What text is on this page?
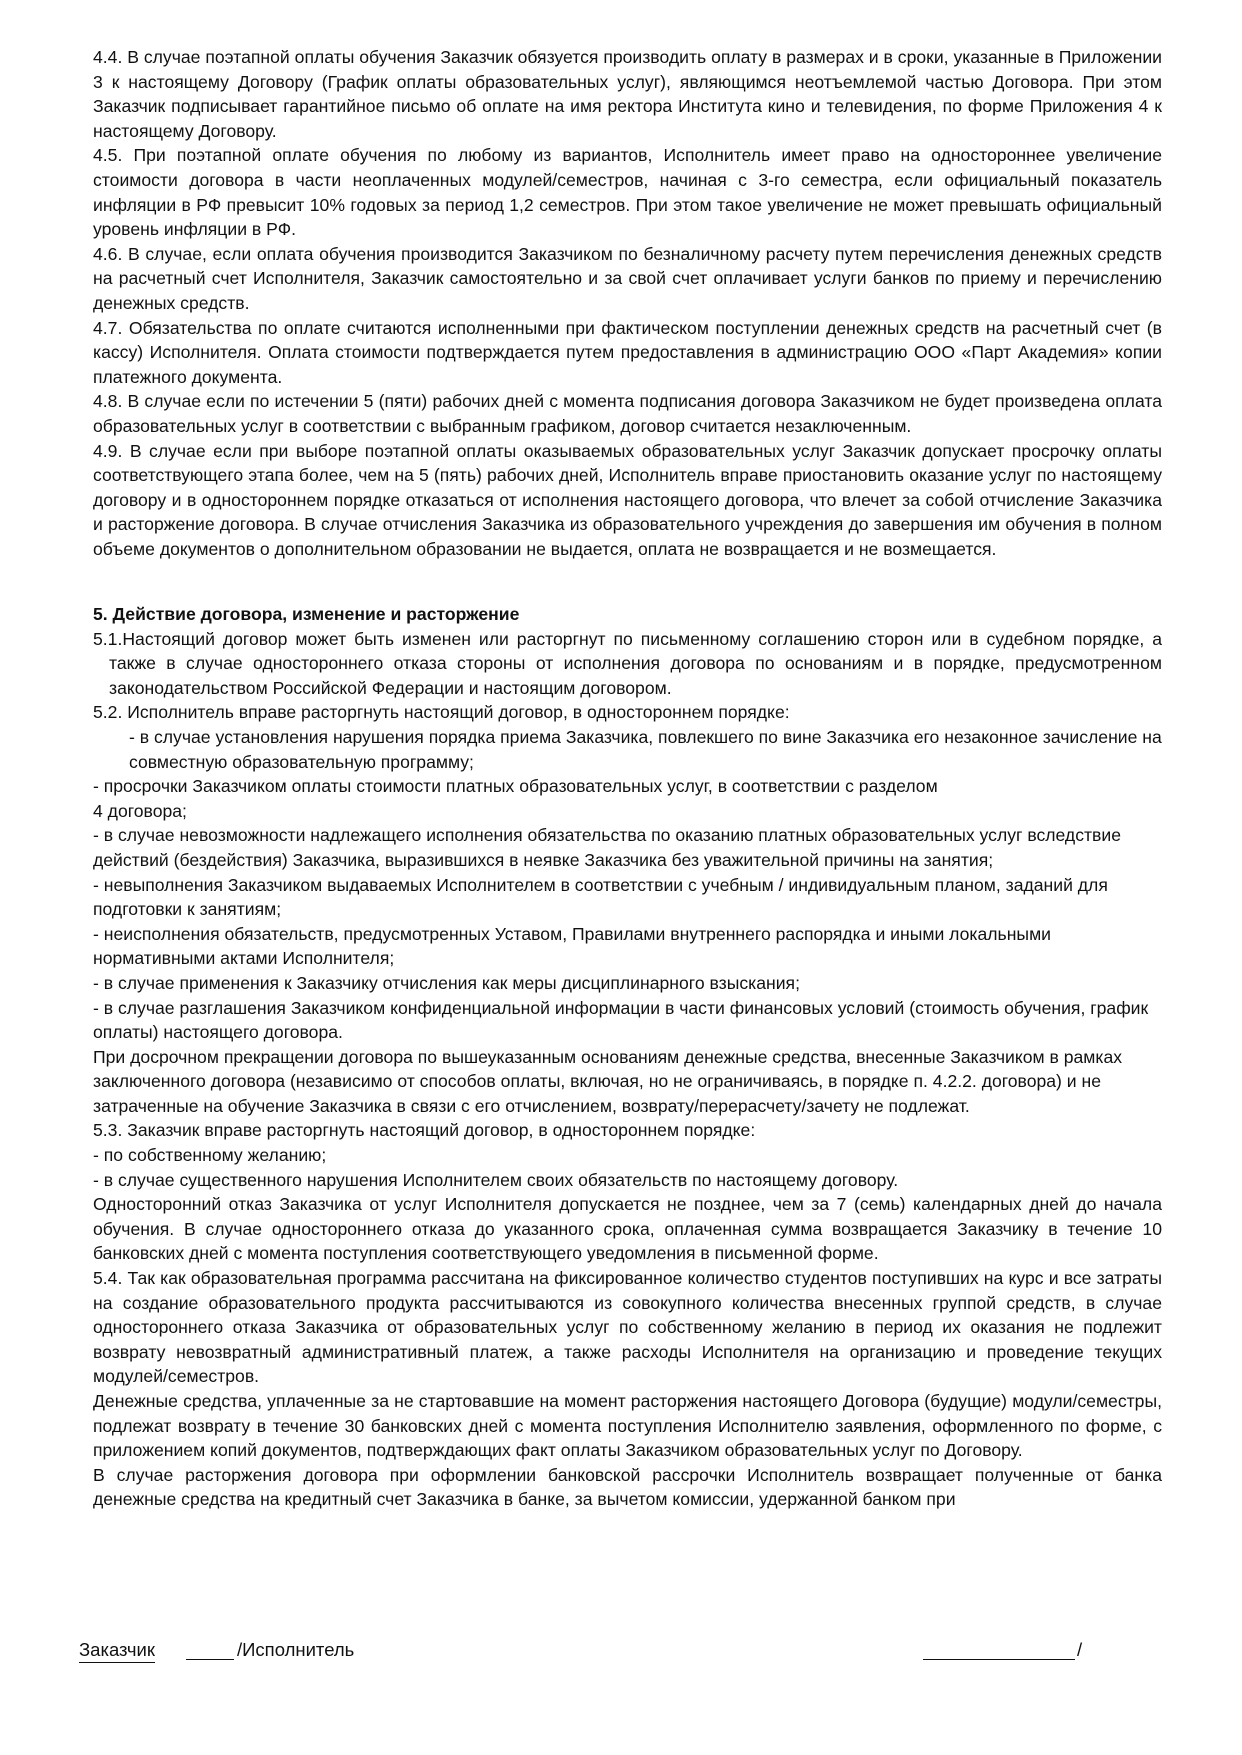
4.4. В случае поэтапной оплаты обучения Заказчик обязуется производить оплату в размерах и в сроки, указанные в Приложении 3 к настоящему Договору (График оплаты образовательных услуг), являющимся неотъемлемой частью Договора. При этом Заказчик подписывает гарантийное письмо об оплате на имя ректора Института кино и телевидения, по форме Приложения 4 к настоящему Договору.

4.5. При поэтапной оплате обучения по любому из вариантов, Исполнитель имеет право на одностороннее увеличение стоимости договора в части неоплаченных модулей/семестров, начиная с 3-го семестра, если официальный показатель инфляции в РФ превысит 10% годовых за период 1,2 семестров. При этом такое увеличение не может превышать официальный уровень инфляции в РФ.

4.6. В случае, если оплата обучения производится Заказчиком по безналичному расчету путем перечисления денежных средств на расчетный счет Исполнителя, Заказчик самостоятельно и за свой счет оплачивает услуги банков по приему и перечислению денежных средств.

4.7. Обязательства по оплате считаются исполненными при фактическом поступлении денежных средств на расчетный счет (в кассу) Исполнителя. Оплата стоимости подтверждается путем предоставления в администрацию ООО «Парт Академия» копии платежного документа.

4.8. В случае если по истечении 5 (пяти) рабочих дней с момента подписания договора Заказчиком не будет произведена оплата образовательных услуг в соответствии с выбранным графиком, договор считается незаключенным.

4.9. В случае если при выборе поэтапной оплаты оказываемых образовательных услуг Заказчик допускает просрочку оплаты соответствующего этапа более, чем на 5 (пять) рабочих дней, Исполнитель вправе приостановить оказание услуг по настоящему договору и в одностороннем порядке отказаться от исполнения настоящего договора, что влечет за собой отчисление Заказчика и расторжение договора. В случае отчисления Заказчика из образовательного учреждения до завершения им обучения в полном объеме документов о дополнительном образовании не выдается, оплата не возвращается и не возмещается.

5. Действие договора, изменение и расторжение

5.1.Настоящий договор может быть изменен или расторгнут по письменному соглашению сторон или в судебном порядке, а также в случае одностороннего отказа стороны от исполнения договора по основаниям и в порядке, предусмотренном законодательством Российской Федерации и настоящим договором.

5.2. Исполнитель вправе расторгнуть настоящий договор, в одностороннем порядке:

- в случае установления нарушения порядка приема Заказчика, повлекшего по вине Заказчика его незаконное зачисление на совместную образовательную программу;

- просрочки Заказчиком оплаты стоимости платных образовательных услуг, в соответствии с разделом

4 договора;

- в случае невозможности надлежащего исполнения обязательства по оказанию платных образовательных услуг вследствие действий (бездействия) Заказчика, выразившихся в неявке Заказчика без уважительной причины на занятия;

- невыполнения Заказчиком выдаваемых Исполнителем в соответствии с учебным / индивидуальным планом, заданий для подготовки к занятиям;

- неисполнения обязательств, предусмотренных Уставом, Правилами внутреннего распорядка и иными локальными нормативными актами Исполнителя;

- в случае применения к Заказчику отчисления как меры дисциплинарного взыскания;

- в случае разглашения Заказчиком конфиденциальной информации в части финансовых условий (стоимость обучения, график оплаты) настоящего договора.

При досрочном прекращении договора по вышеуказанным основаниям денежные средства, внесенные Заказчиком в рамках заключенного договора (независимо от способов оплаты, включая, но не ограничиваясь, в порядке п. 4.2.2. договора) и не затраченные на обучение Заказчика в связи с его отчислением, возврату/перерасчету/зачету не подлежат.

5.3. Заказчик вправе расторгнуть настоящий договор, в одностороннем порядке:

- по собственному желанию;

- в случае существенного нарушения Исполнителем своих обязательств по настоящему договору.

Односторонний отказ Заказчика от услуг Исполнителя допускается не позднее, чем за 7 (семь) календарных дней до начала обучения. В случае одностороннего отказа до указанного срока, оплаченная сумма возвращается Заказчику в течение 10 банковских дней с момента поступления соответствующего уведомления в письменной форме.

5.4. Так как образовательная программа рассчитана на фиксированное количество студентов поступивших на курс и все затраты на создание образовательного продукта рассчитываются из совокупного количества внесенных группой средств, в случае одностороннего отказа Заказчика от образовательных услуг по собственному желанию в период их оказания не подлежит возврату невозвратный административный платеж, а также расходы Исполнителя на организацию и проведение текущих модулей/семестров.

Денежные средства, уплаченные за не стартовавшие на момент расторжения настоящего Договора (будущие) модули/семестры, подлежат возврату в течение 30 банковских дней с момента поступления Исполнителю заявления, оформленного по форме, с приложением копий документов, подтверждающих факт оплаты Заказчиком образовательных услуг по Договору.

В случае расторжения договора при оформлении банковской рассрочки Исполнитель возвращает полученные от банка денежные средства на кредитный счет Заказчика в банке, за вычетом комиссии, удержанной банком при

Заказчик	/Исполнитель	/
